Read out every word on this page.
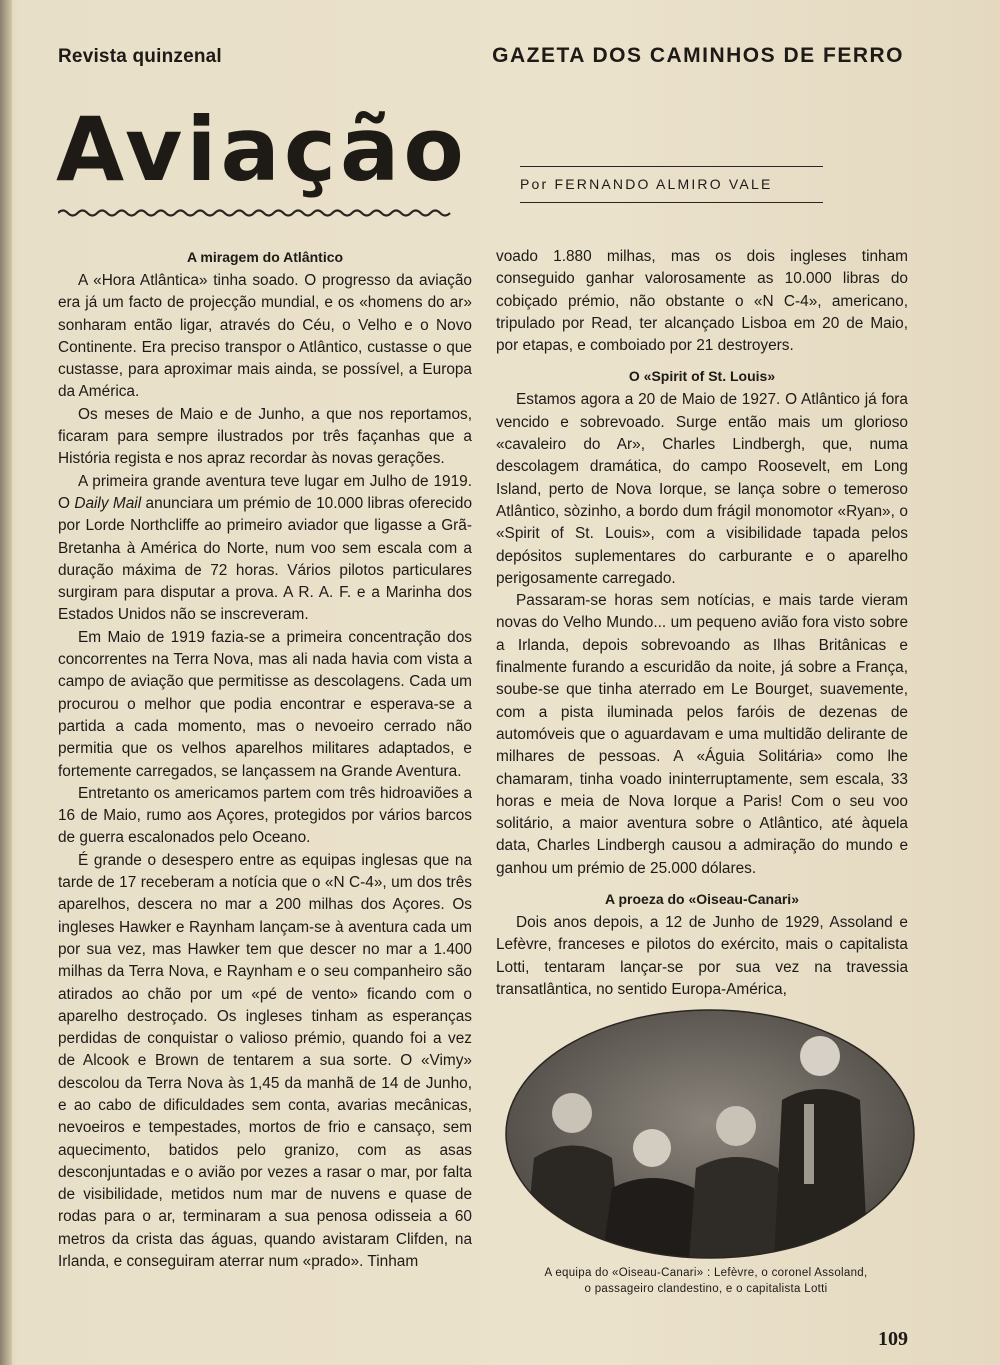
Revista quinzenal	GAZETA DOS CAMINHOS DE FERRO
Aviação	Por FERNANDO ALMIRO VALE
A miragem do Atlântico

A «Hora Atlântica» tinha soado. O progresso da aviação era já um facto de projecção mundial, e os «homens do ar» sonharam então ligar, através do Céu, o Velho e o Novo Continente. Era preciso transpor o Atlântico, custasse o que custasse, para aproximar mais ainda, se possível, a Europa da América.

Os meses de Maio e de Junho, a que nos reportamos, ficaram para sempre ilustrados por três façanhas que a História regista e nos apraz recordar às novas gerações.

A primeira grande aventura teve lugar em Julho de 1919. O Daily Mail anunciara um prémio de 10.000 libras oferecido por Lorde Northcliffe ao primeiro aviador que ligasse a Grã-Bretanha à América do Norte, num voo sem escala com a duração máxima de 72 horas. Vários pilotos particulares surgiram para disputar a prova. A R. A. F. e a Marinha dos Estados Unidos não se inscreveram.

Em Maio de 1919 fazia-se a primeira concentração dos concorrentes na Terra Nova, mas ali nada havia com vista a campo de aviação que permitisse as descolagens. Cada um procurou o melhor que podia encontrar e esperava-se a partida a cada momento, mas o nevoeiro cerrado não permitia que os velhos aparelhos militares adaptados, e fortemente carregados, se lançassem na Grande Aventura.

Entretanto os americamos partem com três hidroaviões a 16 de Maio, rumo aos Açores, protegidos por vários barcos de guerra escalonados pelo Oceano.

É grande o desespero entre as equipas inglesas que na tarde de 17 receberam a notícia que o «N C-4», um dos três aparelhos, descera no mar a 200 milhas dos Açores. Os ingleses Hawker e Raynham lançam-se à aventura cada um por sua vez, mas Hawker tem que descer no mar a 1.400 milhas da Terra Nova, e Raynham e o seu companheiro são atirados ao chão por um «pé de vento» ficando com o aparelho destroçado. Os ingleses tinham as esperanças perdidas de conquistar o valioso prémio, quando foi a vez de Alcook e Brown de tentarem a sua sorte. O «Vimy» descolou da Terra Nova às 1,45 da manhã de 14 de Junho, e ao cabo de dificuldades sem conta, avarias mecânicas, nevoeiros e tempestades, mortos de frio e cansaço, sem aquecimento, batidos pelo granizo, com as asas desconjuntadas e o avião por vezes a rasar o mar, por falta de visibilidade, metidos num mar de nuvens e quase de rodas para o ar, terminaram a sua penosa odisseia a 60 metros da crista das águas, quando avistaram Clifden, na Irlanda, e conseguiram aterrar num «prado». Tinham

voado 1.880 milhas, mas os dois ingleses tinham conseguido ganhar valorosamente as 10.000 libras do cobiçado prémio, não obstante o «N C-4», americano, tripulado por Read, ter alcançado Lisboa em 20 de Maio, por etapas, e comboiado por 21 destroyers.

O «Spirit of St. Louis»

Estamos agora a 20 de Maio de 1927. O Atlântico já fora vencido e sobrevoado. Surge então mais um glorioso «cavaleiro do Ar», Charles Lindbergh, que, numa descolagem dramática, do campo Roosevelt, em Long Island, perto de Nova Iorque, se lança sobre o temeroso Atlântico, sòzinho, a bordo dum frágil monomotor «Ryan», o «Spirit of St. Louis», com a visibilidade tapada pelos depósitos suplementares do carburante e o aparelho perigosamente carregado.

Passaram-se horas sem notícias, e mais tarde vieram novas do Velho Mundo... um pequeno avião fora visto sobre a Irlanda, depois sobrevoando as Ilhas Britânicas e finalmente furando a escuridão da noite, já sobre a França, soube-se que tinha aterrado em Le Bourget, suavemente, com a pista iluminada pelos faróis de dezenas de automóveis que o aguardavam e uma multidão delirante de milhares de pessoas. A «Águia Solitária» como lhe chamaram, tinha voado ininterruptamente, sem escala, 33 horas e meia de Nova Iorque a Paris! Com o seu voo solitário, a maior aventura sobre o Atlântico, até àquela data, Charles Lindbergh causou a admiração do mundo e ganhou um prémio de 25.000 dólares.

A proeza do «Oiseau-Canari»

Dois anos depois, a 12 de Junho de 1929, Assoland e Lefèvre, franceses e pilotos do exército, mais o capitalista Lotti, tentaram lançar-se por sua vez na travessia transatlântica, no sentido Europa-América,

A equipa do «Oiseau-Canari» : Lefèvre, o coronel Assoland,
o passageiro clandestino, e o capitalista Lotti
109
